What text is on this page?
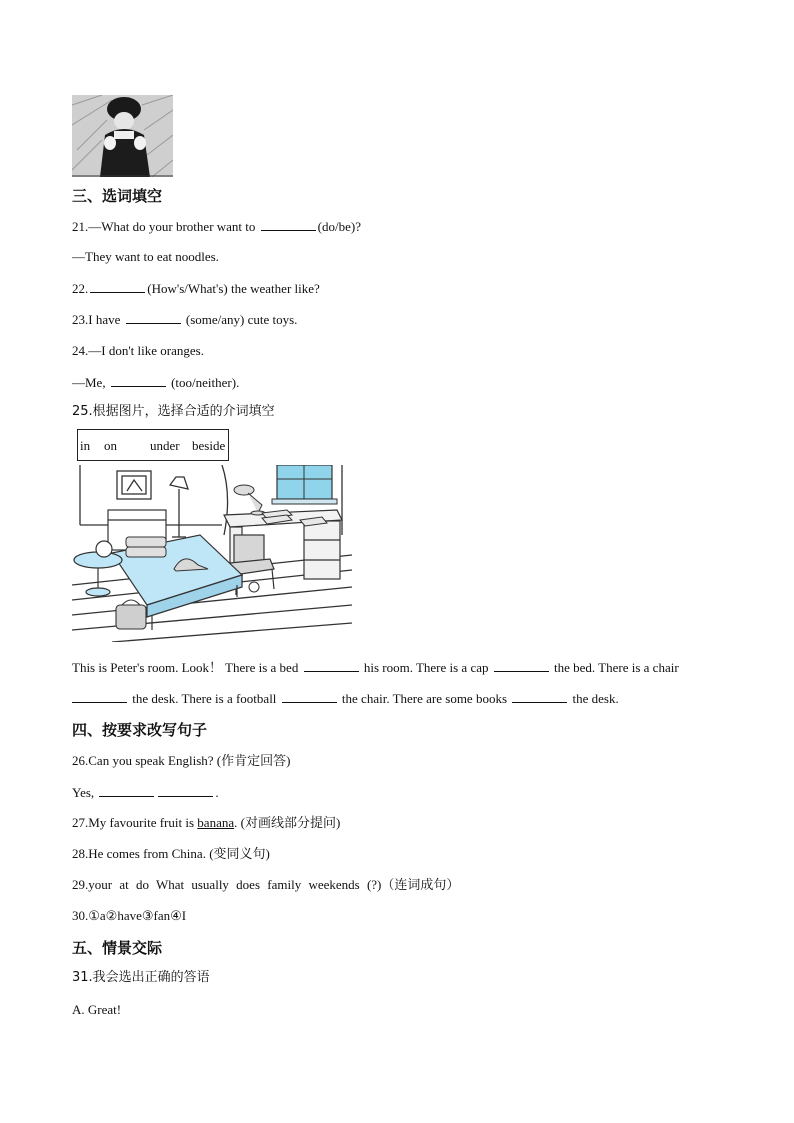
三、选词填空
21.—What do your brother want to	(do/be)?
—They want to eat noodles.
22.	(How's/What's) the weather like?
23.I have	(some/any) cute toys.
24.—I don't like oranges.
—Me,	(too/neither).
25.根据图片，选择合适的介词填空
in on	under beside
This is Peter's room. Look！ There is a bed	his room. There is a cap	the bed. There is a chair
the desk. There is a football	the chair. There are some books	the desk.
四、按要求改写句子
26.Can you speak English? (作肯定回答)
Yes,	.
27.My favourite fruit is banana. (对画线部分提问)
28.He comes from China. (变同义句)
29.your at do What usually does family weekends (?)（连词成句）
30.①a②have③fan④I
五、情景交际
31.我会选出正确的答语
A. Great!
